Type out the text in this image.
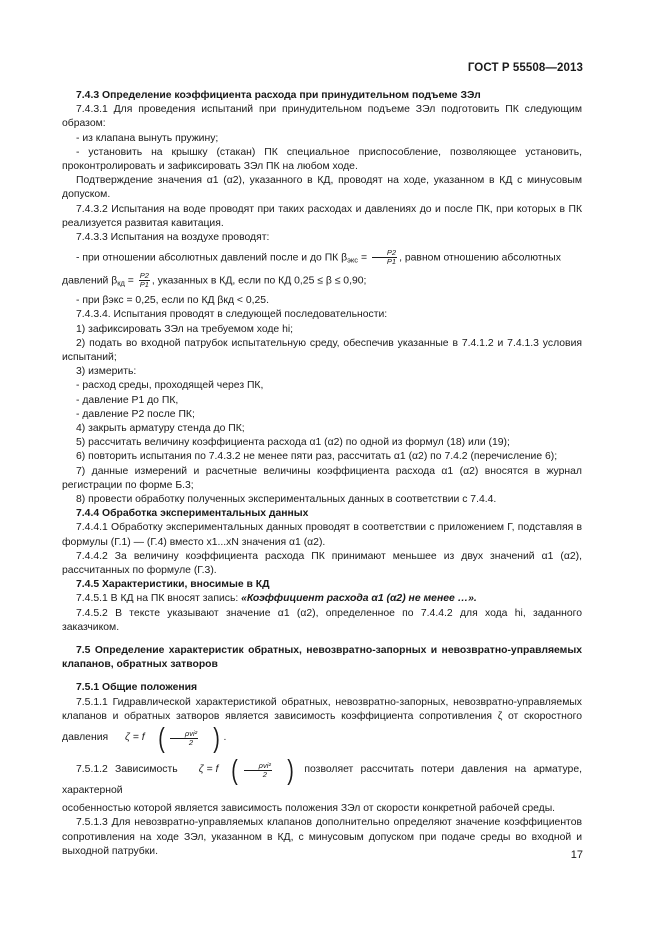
ГОСТ Р 55508—2013

7.4.3 Определение коэффициента расхода при принудительном подъеме ЗЭл

7.4.3.1 Для проведения испытаний при принудительном подъеме ЗЭл подготовить ПК следующим образом:

- из клапана вынуть пружину;

- установить на крышку (стакан) ПК специальное приспособление, позволяющее установить, проконтролировать и зафиксировать ЗЭл ПК на любом ходе.

Подтверждение значения α1 (α2), указанного в КД, проводят на ходе, указанном в КД с минусовым допуском.

7.4.3.2 Испытания на воде проводят при таких расходах и давлениях до и после ПК, при которых в ПК реализуется развитая кавитация.

7.4.3.3 Испытания на воздухе проводят:

- при отношении абсолютных давлений после и до ПК $\beta_{экс} = \frac{P2}{P1}$ , равном отношению абсолютных

давлений $\beta_{кд} = \frac{P2}{P1}$ , указанных в КД, если по КД 0,25 ≤ β ≤ 0,90;

- при βэкс = 0,25, если по КД βкд < 0,25.

7.4.3.4. Испытания проводят в следующей последовательности:

1) зафиксировать ЗЭл на требуемом ходе hi;

2) подать во входной патрубок испытательную среду, обеспечив указанные в 7.4.1.2 и 7.4.1.3 условия испытаний;

3) измерить:

- расход среды, проходящей через ПК,

- давление P1 до ПК,

- давление P2 после ПК;

4) закрыть арматуру стенда до ПК;

5) рассчитать величину коэффициента расхода α1 (α2) по одной из формул (18) или (19);

6) повторить испытания по 7.4.3.2 не менее пяти раз, рассчитать α1 (α2) по 7.4.2 (перечисление 6);

7) данные измерений и расчетные величины коэффициента расхода α1 (α2) вносятся в журнал регистрации по форме Б.3;

8) провести обработку полученных экспериментальных данных в соответствии с 7.4.4.

7.4.4 Обработка экспериментальных данных

7.4.4.1 Обработку экспериментальных данных проводят в соответствии с приложением Г, подставляя в формулы (Г.1) — (Г.4) вместо x1...xN значения α1 (α2).

7.4.4.2 За величину коэффициента расхода ПК принимают меньшее из двух значений α1 (α2), рассчитанных по формуле (Г.3).

7.4.5 Характеристики, вносимые в КД

7.4.5.1 В КД на ПК вносят запись: «Коэффициент расхода α1 (α2) не менее …».

7.4.5.2 В тексте указывают значение α1 (α2), определенное по 7.4.4.2 для хода hi, заданного заказчиком.

7.5 Определение характеристик обратных, невозвратно-запорных и невозвратно-управляемых клапанов, обратных затворов

7.5.1 Общие положения

7.5.1.1 Гидравлической характеристикой обратных, невозвратно-запорных, невозвратно-управляемых клапанов и обратных затворов является зависимость коэффициента сопротивления ζ от скоростного давления	ζ = f ( $\frac{\text{ρvi²}}{2}$ ) .

7.5.1.2 Зависимость	ζ = f ( $\frac{\text{ρvi²}}{2}$ ) позволяет рассчитать потери давления на арматуре, характерной

особенностью которой является зависимость положения ЗЭл от скорости конкретной рабочей среды.

7.5.1.3 Для невозвратно-управляемых клапанов дополнительно определяют значение коэффициентов сопротивления на ходе ЗЭл, указанном в КД, с минусовым допуском при подаче среды во входной и выходной патрубки.	17
